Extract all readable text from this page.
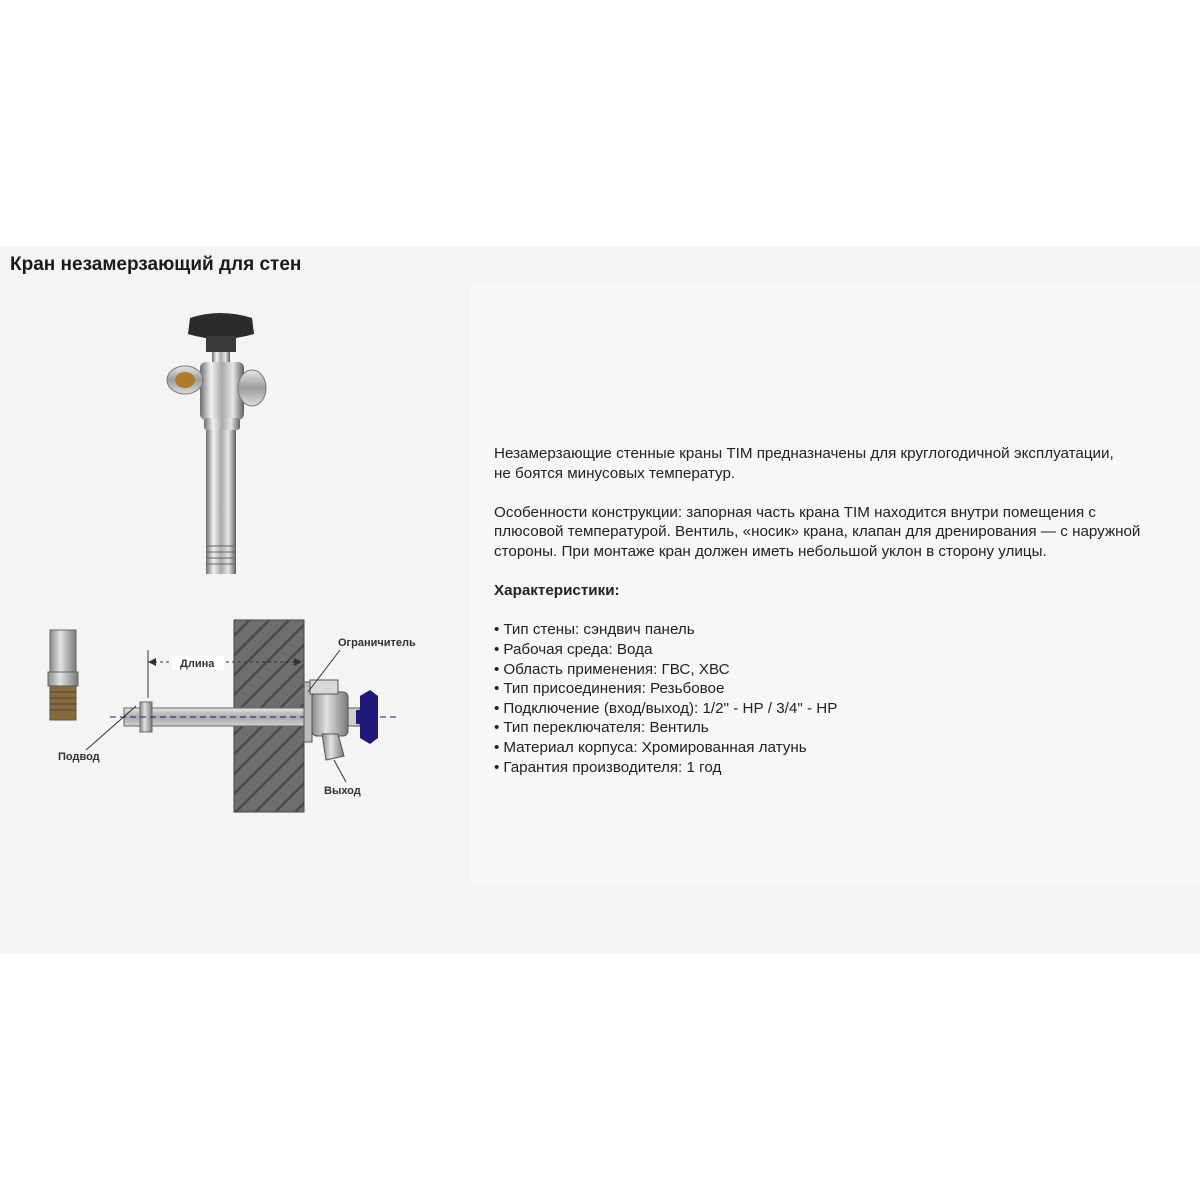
Кран незамерзающий для стен
Длина
Ограничитель
Подвод
Выход

Незамерзающие стенные краны TIM предназначены для круглогодичной эксплуатации,

не боятся минусовых температур.

Особенности конструкции: запорная часть крана TIM находится внутри помещения с

плюсовой температурой. Вентиль, «носик» крана, клапан для дренирования — с наружной

стороны. При монтаже кран должен иметь небольшой уклон в сторону улицы.

Характеристики:

• Тип стены: сэндвич панель
• Рабочая среда: Вода
• Область применения: ГВС, ХВС
• Тип присоединения: Резьбовое
• Подключение (вход/выход): 1/2" - НР / 3/4" - НР
• Тип переключателя: Вентиль
• Материал корпуса: Хромированная латунь
• Гарантия производителя: 1 год
